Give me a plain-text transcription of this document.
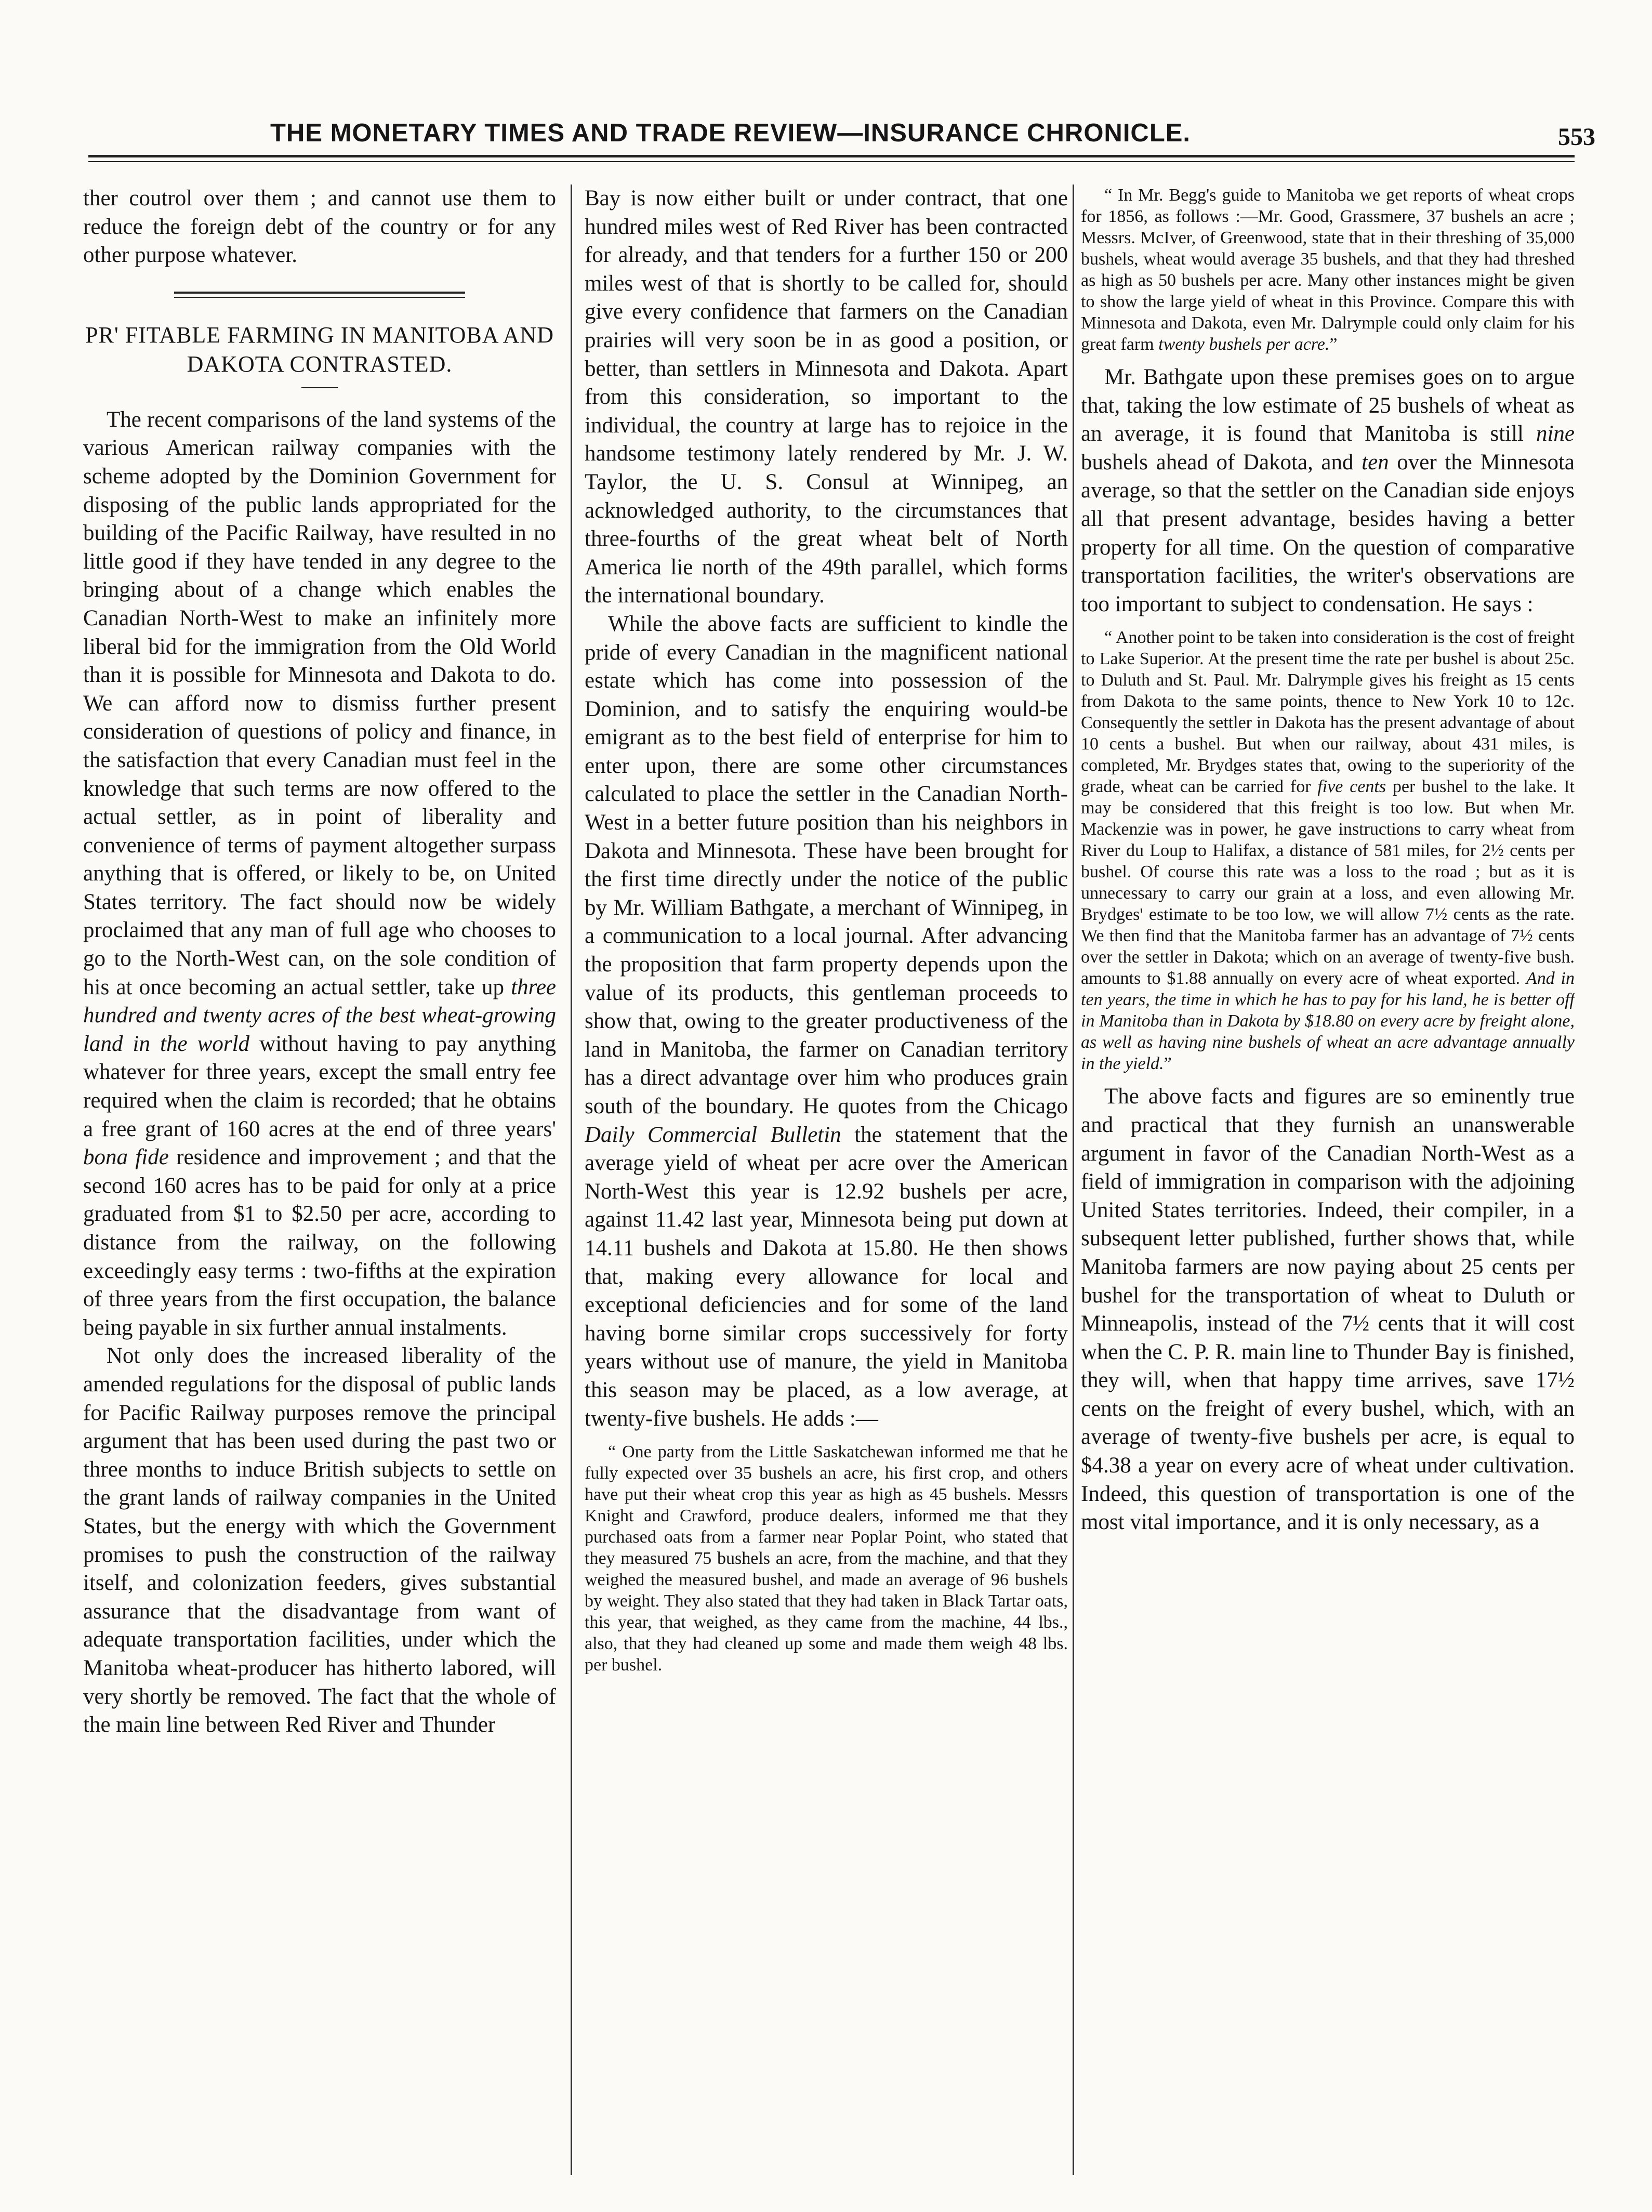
THE MONETARY TIMES AND TRADE REVIEW—INSURANCE CHRONICLE.	553

ther coutrol over them ; and cannot use them to reduce the foreign debt of the country or for any other purpose whatever.

PR' FITABLE FARMING IN MANITOBA AND DAKOTA CONTRASTED.

The recent comparisons of the land systems of the various American railway companies with the scheme adopted by the Dominion Government for disposing of the public lands appropriated for the building of the Pacific Railway, have resulted in no little good if they have tended in any degree to the bringing about of a change which enables the Canadian North-West to make an infinitely more liberal bid for the immigration from the Old World than it is possible for Minnesota and Dakota to do. We can afford now to dismiss further present consideration of questions of policy and finance, in the satisfaction that every Canadian must feel in the knowledge that such terms are now offered to the actual settler, as in point of liberality and convenience of terms of payment altogether surpass anything that is offered, or likely to be, on United States territory. The fact should now be widely proclaimed that any man of full age who chooses to go to the North-West can, on the sole condition of his at once becoming an actual settler, take up three hundred and twenty acres of the best wheat-growing land in the world without having to pay anything whatever for three years, except the small entry fee required when the claim is recorded; that he obtains a free grant of 160 acres at the end of three years' bona fide residence and improvement ; and that the second 160 acres has to be paid for only at a price graduated from $1 to $2.50 per acre, according to distance from the railway, on the following exceedingly easy terms : two-fifths at the expiration of three years from the first occupation, the balance being payable in six further annual instalments.

Not only does the increased liberality of the amended regulations for the disposal of public lands for Pacific Railway purposes remove the principal argument that has been used during the past two or three months to induce British subjects to settle on the grant lands of railway companies in the United States, but the energy with which the Government promises to push the construction of the railway itself, and colonization feeders, gives substantial assurance that the disadvantage from want of adequate transportation facilities, under which the Manitoba wheat-producer has hitherto labored, will very shortly be removed. The fact that the whole of the main line between Red River and Thunder

Bay is now either built or under contract, that one hundred miles west of Red River has been contracted for already, and that tenders for a further 150 or 200 miles west of that is shortly to be called for, should give every confidence that farmers on the Canadian prairies will very soon be in as good a position, or better, than settlers in Minnesota and Dakota. Apart from this consideration, so important to the individual, the country at large has to rejoice in the handsome testimony lately rendered by Mr. J. W. Taylor, the U. S. Consul at Winnipeg, an acknowledged authority, to the circumstances that three-fourths of the great wheat belt of North America lie north of the 49th parallel, which forms the international boundary.

While the above facts are sufficient to kindle the pride of every Canadian in the magnificent national estate which has come into possession of the Dominion, and to satisfy the enquiring would-be emigrant as to the best field of enterprise for him to enter upon, there are some other circumstances calculated to place the settler in the Canadian North-West in a better future position than his neighbors in Dakota and Minnesota. These have been brought for the first time directly under the notice of the public by Mr. William Bathgate, a merchant of Winnipeg, in a communication to a local journal. After advancing the proposition that farm property depends upon the value of its products, this gentleman proceeds to show that, owing to the greater productiveness of the land in Manitoba, the farmer on Canadian territory has a direct advantage over him who produces grain south of the boundary. He quotes from the Chicago Daily Commercial Bulletin the statement that the average yield of wheat per acre over the American North-West this year is 12.92 bushels per acre, against 11.42 last year, Minnesota being put down at 14.11 bushels and Dakota at 15.80. He then shows that, making every allowance for local and exceptional deficiencies and for some of the land having borne similar crops successively for forty years without use of manure, the yield in Manitoba this season may be placed, as a low average, at twenty-five bushels. He adds :—

“ One party from the Little Saskatchewan informed me that he fully expected over 35 bushels an acre, his first crop, and others have put their wheat crop this year as high as 45 bushels. Messrs Knight and Crawford, produce dealers, informed me that they purchased oats from a farmer near Poplar Point, who stated that they measured 75 bushels an acre, from the machine, and that they weighed the measured bushel, and made an average of 96 bushels by weight. They also stated that they had taken in Black Tartar oats, this year, that weighed, as they came from the machine, 44 lbs., also, that they had cleaned up some and made them weigh 48 lbs. per bushel.

“ In Mr. Begg's guide to Manitoba we get reports of wheat crops for 1856, as follows :—Mr. Good, Grassmere, 37 bushels an acre ; Messrs. McIver, of Greenwood, state that in their threshing of 35,000 bushels, wheat would average 35 bushels, and that they had threshed as high as 50 bushels per acre. Many other instances might be given to show the large yield of wheat in this Province. Compare this with Minnesota and Dakota, even Mr. Dalrymple could only claim for his great farm twenty bushels per acre.”

Mr. Bathgate upon these premises goes on to argue that, taking the low estimate of 25 bushels of wheat as an average, it is found that Manitoba is still nine bushels ahead of Dakota, and ten over the Minnesota average, so that the settler on the Canadian side enjoys all that present advantage, besides having a better property for all time. On the question of comparative transportation facilities, the writer's observations are too important to subject to condensation. He says :

“ Another point to be taken into consideration is the cost of freight to Lake Superior. At the present time the rate per bushel is about 25c. to Duluth and St. Paul. Mr. Dalrymple gives his freight as 15 cents from Dakota to the same points, thence to New York 10 to 12c. Consequently the settler in Dakota has the present advantage of about 10 cents a bushel. But when our railway, about 431 miles, is completed, Mr. Brydges states that, owing to the superiority of the grade, wheat can be carried for five cents per bushel to the lake. It may be considered that this freight is too low. But when Mr. Mackenzie was in power, he gave instructions to carry wheat from River du Loup to Halifax, a distance of 581 miles, for 2½ cents per bushel. Of course this rate was a loss to the road ; but as it is unnecessary to carry our grain at a loss, and even allowing Mr. Brydges' estimate to be too low, we will allow 7½ cents as the rate. We then find that the Manitoba farmer has an advantage of 7½ cents over the settler in Dakota; which on an average of twenty-five bush. amounts to $1.88 annually on every acre of wheat exported. And in ten years, the time in which he has to pay for his land, he is better off in Manitoba than in Dakota by $18.80 on every acre by freight alone, as well as having nine bushels of wheat an acre advantage annually in the yield.”

The above facts and figures are so eminently true and practical that they furnish an unanswerable argument in favor of the Canadian North-West as a field of immigration in comparison with the adjoining United States territories. Indeed, their compiler, in a subsequent letter published, further shows that, while Manitoba farmers are now paying about 25 cents per bushel for the transportation of wheat to Duluth or Minneapolis, instead of the 7½ cents that it will cost when the C. P. R. main line to Thunder Bay is finished, they will, when that happy time arrives, save 17½ cents on the freight of every bushel, which, with an average of twenty-five bushels per acre, is equal to $4.38 a year on every acre of wheat under cultivation. Indeed, this question of transportation is one of the most vital importance, and it is only necessary, as a
